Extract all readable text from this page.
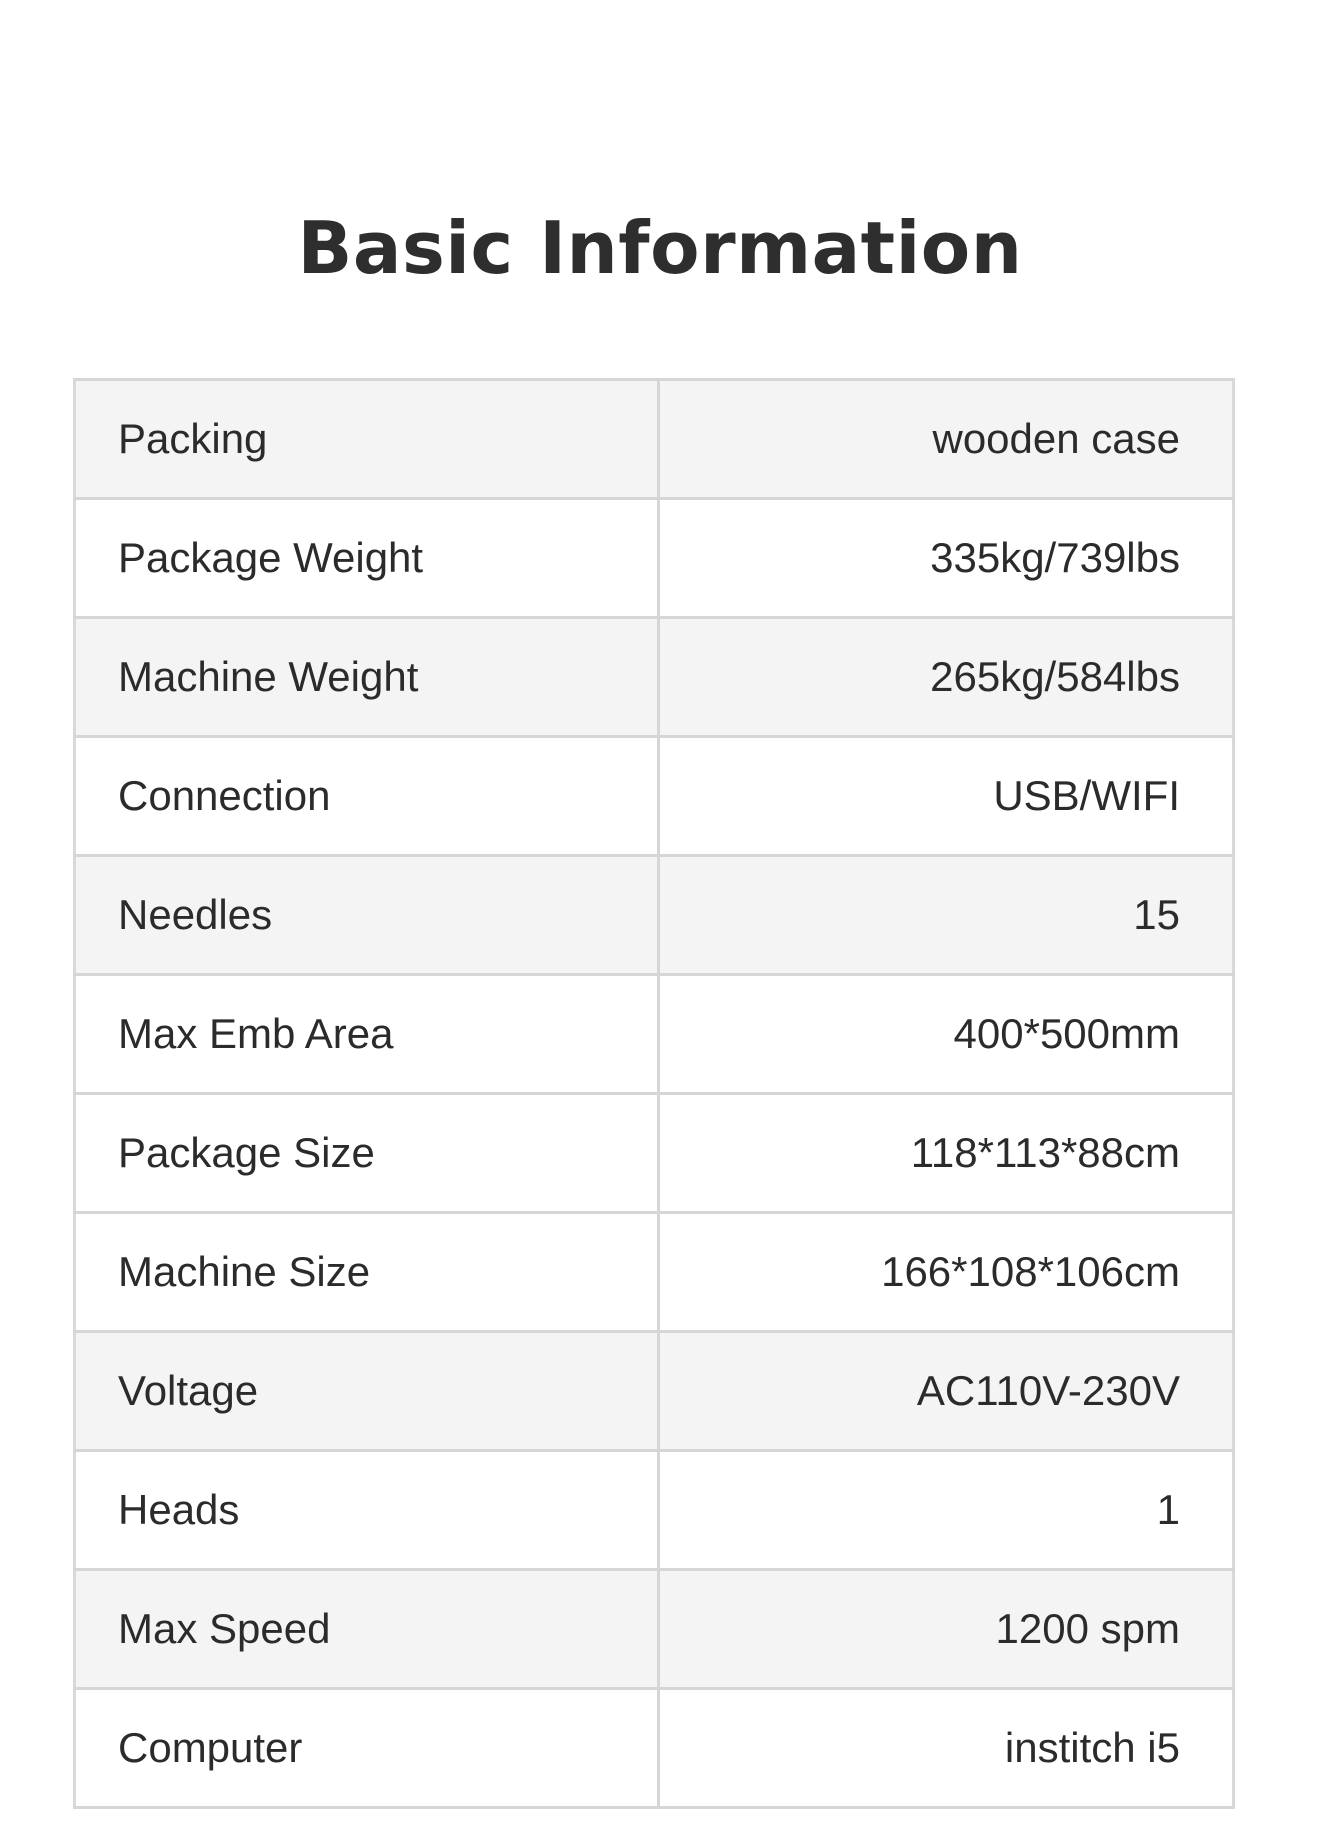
Basic Information
Packing	wooden case
Package Weight	335kg/739lbs
Machine Weight	265kg/584lbs
Connection	USB/WIFI
Needles	15
Max Emb Area	400*500mm
Package Size	118*113*88cm
Machine Size	166*108*106cm
Voltage	AC110V-230V
Heads	1
Max Speed	1200 spm
Computer	institch i5
